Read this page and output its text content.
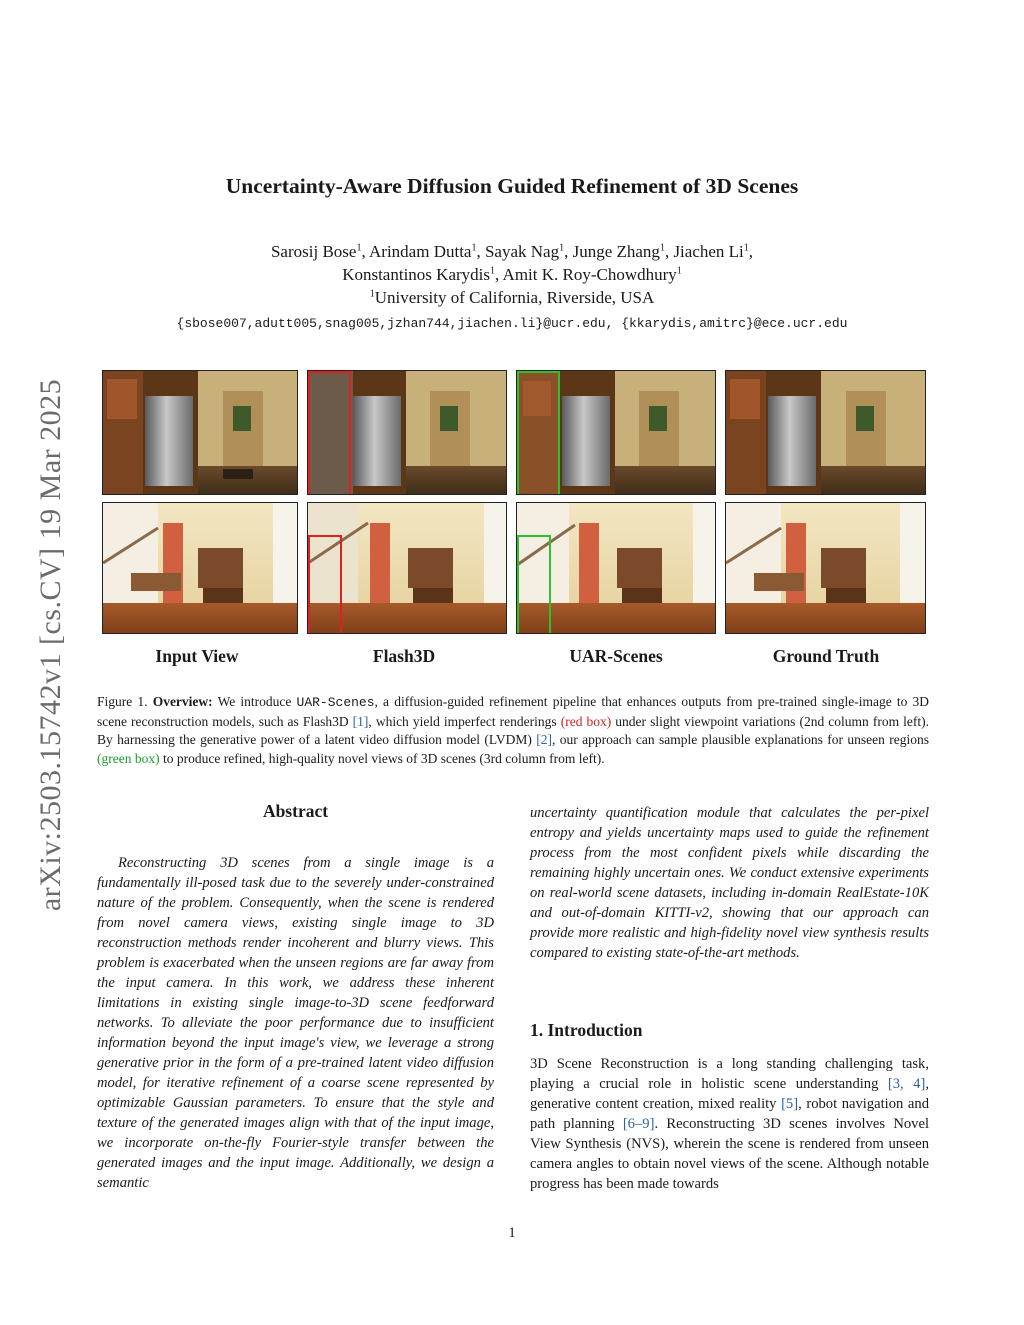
Uncertainty-Aware Diffusion Guided Refinement of 3D Scenes
Sarosij Bose$^1$, Arindam Dutta$^1$, Sayak Nag$^1$, Junge Zhang$^1$, Jiachen Li$^1$,
Konstantinos Karydis$^1$, Amit K. Roy-Chowdhury$^1$
$^1$University of California, Riverside, USA
{sbose007,adutt005,snag005,jzhan744,jiachen.li}@ucr.edu, {kkarydis,amitrc}@ece.ucr.edu
arXiv:2503.15742v1 [cs.CV] 19 Mar 2025	Input View	Flash3D	UAR-Scenes	Ground Truth
Figure 1. Overview: We introduce UAR-Scenes, a diffusion-guided refinement pipeline that enhances outputs from pre-trained single-image to 3D scene reconstruction models, such as Flash3D [1], which yield imperfect renderings (red box) under slight viewpoint variations (2nd column from left). By harnessing the generative power of a latent video diffusion model (LVDM) [2], our approach can sample plausible explanations for unseen regions (green box) to produce refined, high-quality novel views of 3D scenes (3rd column from left).
Abstract

Reconstructing 3D scenes from a single image is a fundamentally ill-posed task due to the severely under-constrained nature of the problem. Consequently, when the scene is rendered from novel camera views, existing single image to 3D reconstruction methods render incoherent and blurry views. This problem is exacerbated when the unseen regions are far away from the input camera. In this work, we address these inherent limitations in existing single image-to-3D scene feedforward networks. To alleviate the poor performance due to insufficient information beyond the input image's view, we leverage a strong generative prior in the form of a pre-trained latent video diffusion model, for iterative refinement of a coarse scene represented by optimizable Gaussian parameters. To ensure that the style and texture of the generated images align with that of the input image, we incorporate on-the-fly Fourier-style transfer between the generated images and the input image. Additionally, we design a semantic

uncertainty quantification module that calculates the per-pixel entropy and yields uncertainty maps used to guide the refinement process from the most confident pixels while discarding the remaining highly uncertain ones. We conduct extensive experiments on real-world scene datasets, including in-domain RealEstate-10K and out-of-domain KITTI-v2, showing that our approach can provide more realistic and high-fidelity novel view synthesis results compared to existing state-of-the-art methods.

1. Introduction

3D Scene Reconstruction is a long standing challenging task, playing a crucial role in holistic scene understanding [3, 4], generative content creation, mixed reality [5], robot navigation and path planning [6–9]. Reconstructing 3D scenes involves Novel View Synthesis (NVS), wherein the scene is rendered from unseen camera angles to obtain novel views of the scene. Although notable progress has been made towards

1
